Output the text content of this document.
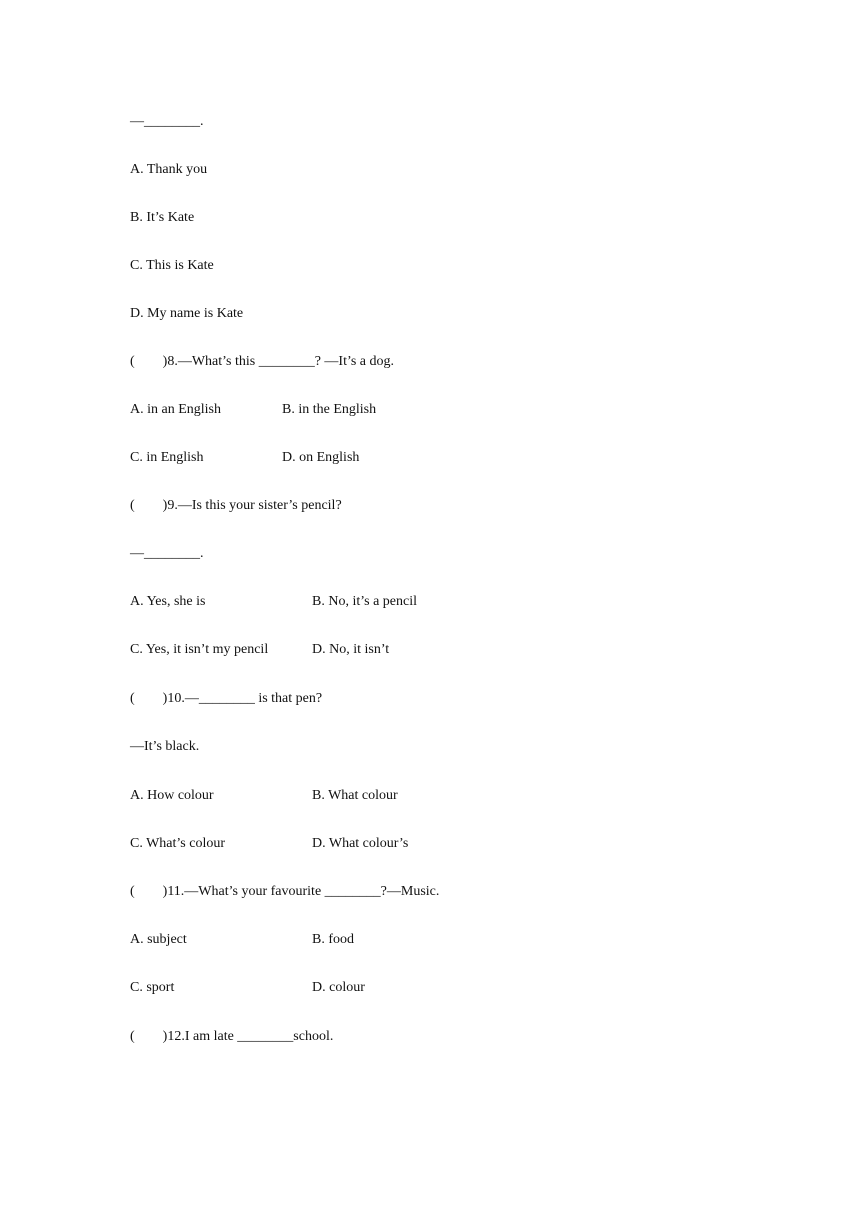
—________.
A. Thank you
B. It’s Kate
C. This is Kate
D. My name is Kate
(　　)8.—What’s this ________? —It’s a dog.
A. in an English	B. in the English
C. in English	D. on English
(　　)9.—Is this your sister’s pencil?
—________.
A. Yes, she is	B. No, it’s a pencil
C. Yes, it isn’t my pencil	D. No, it isn’t
(　　)10.—________ is that pen?
—It’s black.
A. How colour	B. What colour
C. What’s colour	D. What colour’s
(　　)11.—What’s your favourite ________?—Music.
A. subject	B. food
C. sport	D. colour
(　　)12.I am late ________school.
